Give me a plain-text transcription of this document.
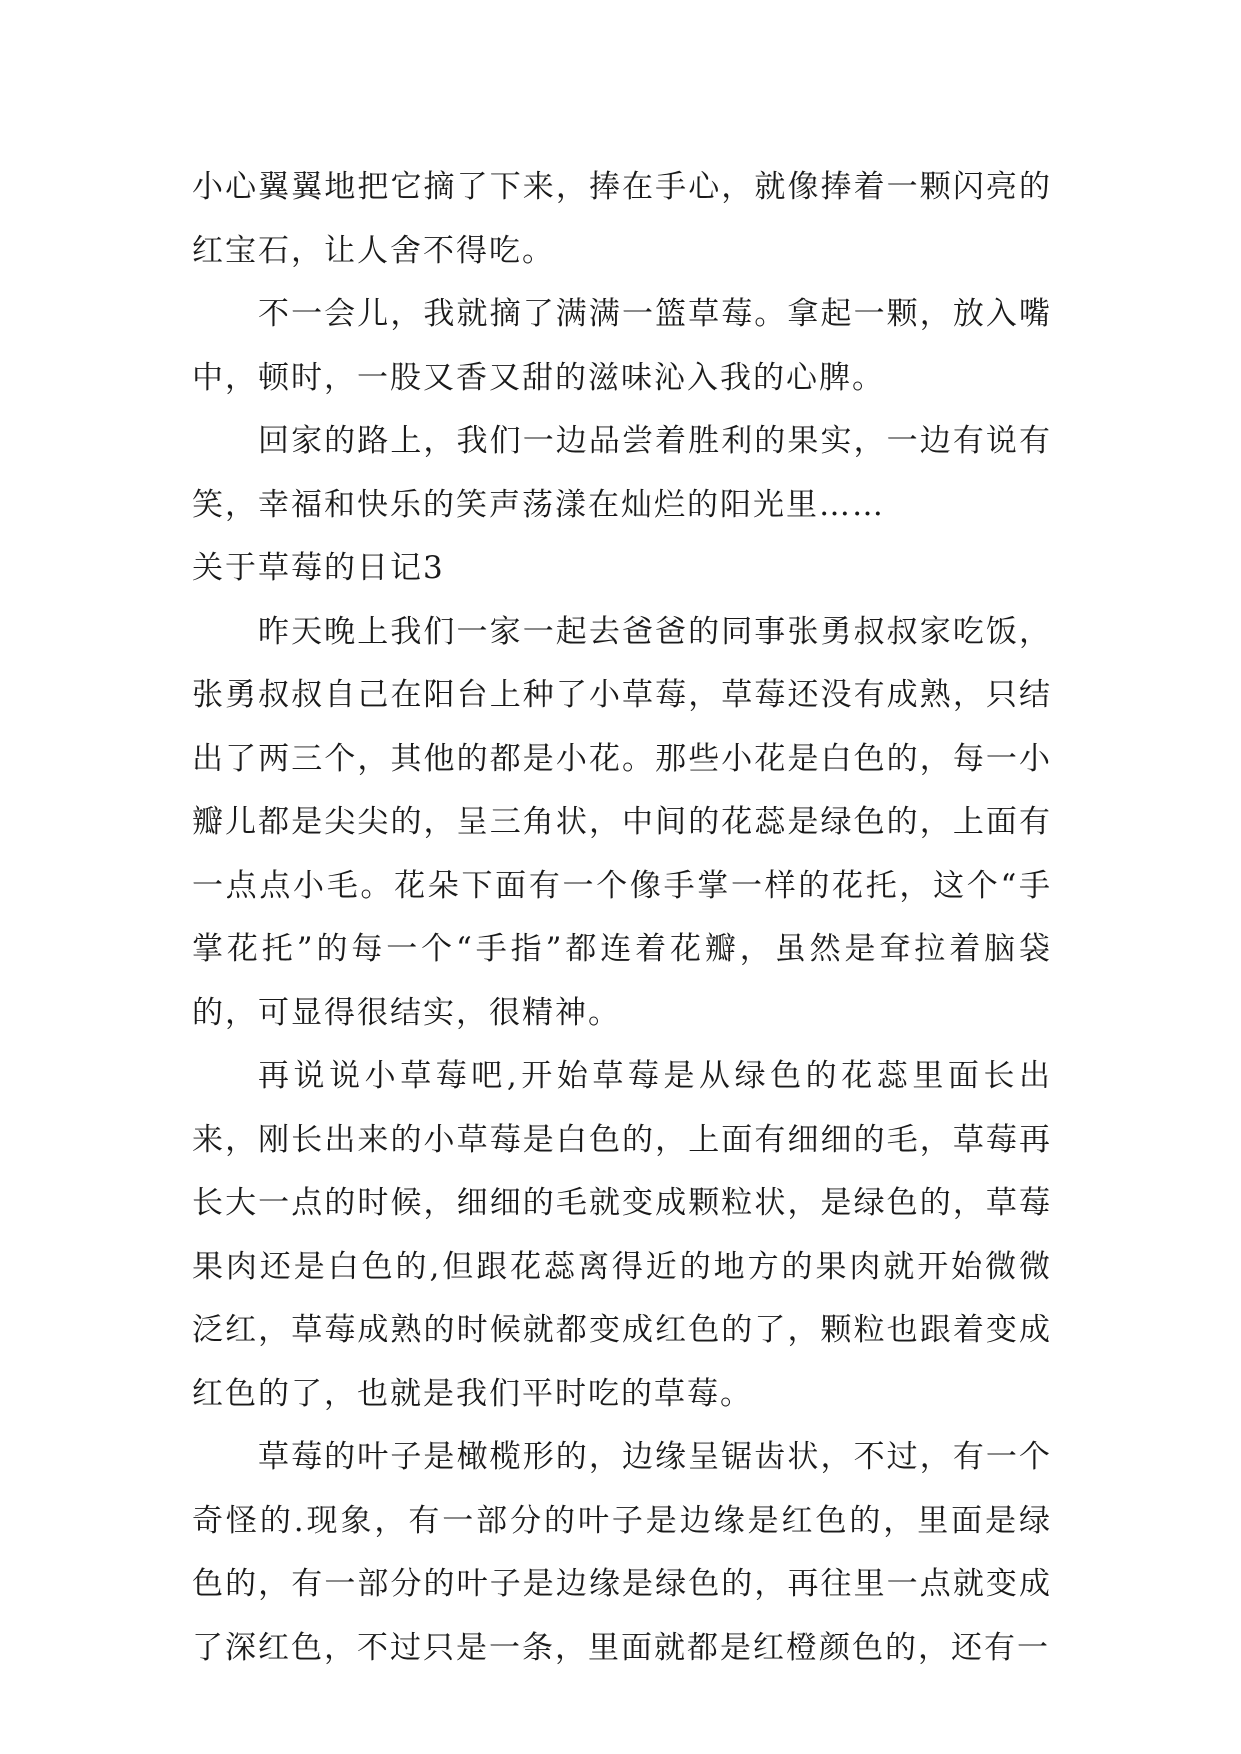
小心翼翼地把它摘了下来，捧在手心，就像捧着一颗闪亮的红宝石，让人舍不得吃。

不一会儿，我就摘了满满一篮草莓。拿起一颗，放入嘴中，顿时，一股又香又甜的滋味沁入我的心脾。

回家的路上，我们一边品尝着胜利的果实，一边有说有笑，幸福和快乐的笑声荡漾在灿烂的阳光里……

关于草莓的日记3

昨天晚上我们一家一起去爸爸的同事张勇叔叔家吃饭，张勇叔叔自己在阳台上种了小草莓，草莓还没有成熟，只结出了两三个，其他的都是小花。那些小花是白色的，每一小瓣儿都是尖尖的，呈三角状，中间的花蕊是绿色的，上面有一点点小毛。花朵下面有一个像手掌一样的花托，这个“手掌花托”的每一个“手指”都连着花瓣，虽然是耷拉着脑袋的，可显得很结实，很精神。

再说说小草莓吧,开始草莓是从绿色的花蕊里面长出来，刚长出来的小草莓是白色的，上面有细细的毛，草莓再长大一点的时候，细细的毛就变成颗粒状，是绿色的，草莓果肉还是白色的,但跟花蕊离得近的地方的果肉就开始微微泛红，草莓成熟的时候就都变成红色的了，颗粒也跟着变成红色的了，也就是我们平时吃的草莓。

草莓的叶子是橄榄形的，边缘呈锯齿状，不过，有一个奇怪的.现象，有一部分的叶子是边缘是红色的，里面是绿色的，有一部分的叶子是边缘是绿色的，再往里一点就变成了深红色，不过只是一条，里面就都是红橙颜色的，还有一
